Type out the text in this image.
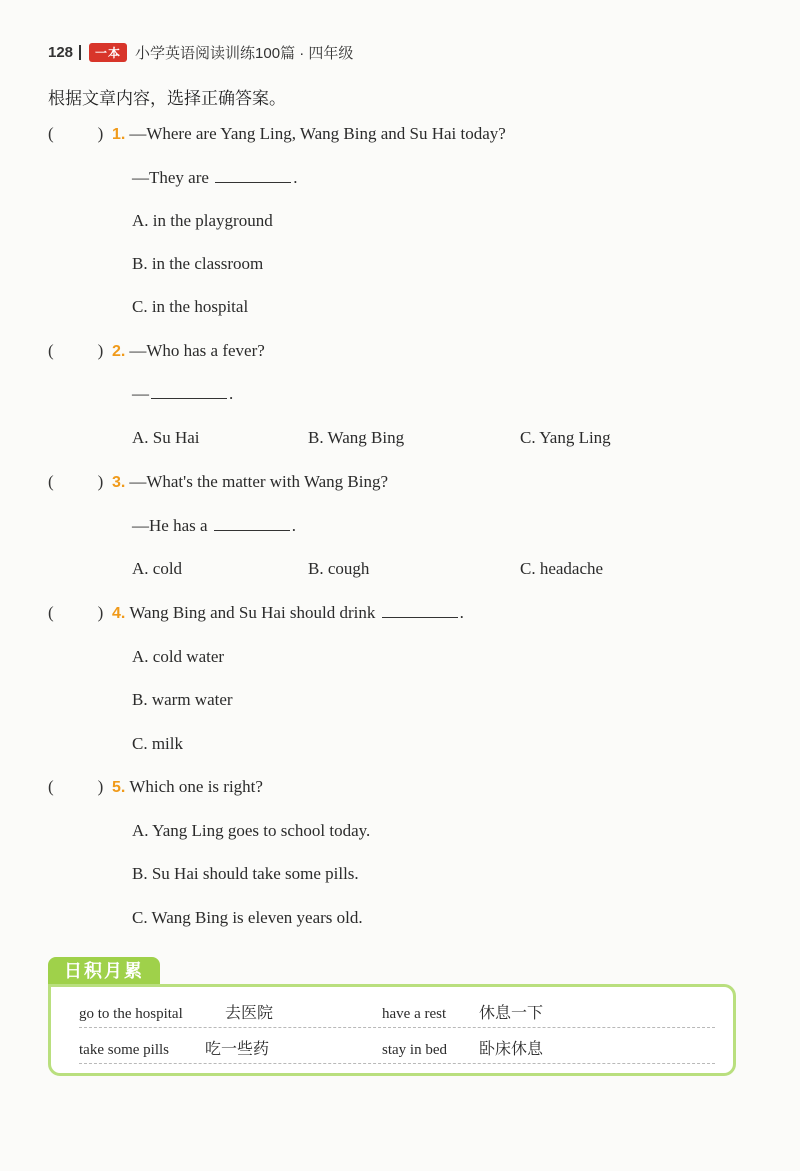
128	一本 小学英语阅读训练100篇 · 四年级
根据文章内容，选择正确答案。
(	) 1. —Where are Yang Ling, Wang Bing and Su Hai today?
—They are	.
A. in the playground
B. in the classroom
C. in the hospital
(	) 2. —Who has a fever?
—	.
A. Su Hai	B. Wang Bing	C. Yang Ling
(	) 3. —What's the matter with Wang Bing?
—He has a	.
A. cold	B. cough	C. headache
(	) 4. Wang Bing and Su Hai should drink
	.
A. cold water
B. warm water
C. milk
(	) 5. Which one is right?
A. Yang Ling goes to school today.
B. Su Hai should take some pills.
C. Wang Bing is eleven years old.
日积月累
go to the hospital	去医院	have a rest 休息一下
take some pills 吃一些药	stay in bed 卧床休息
